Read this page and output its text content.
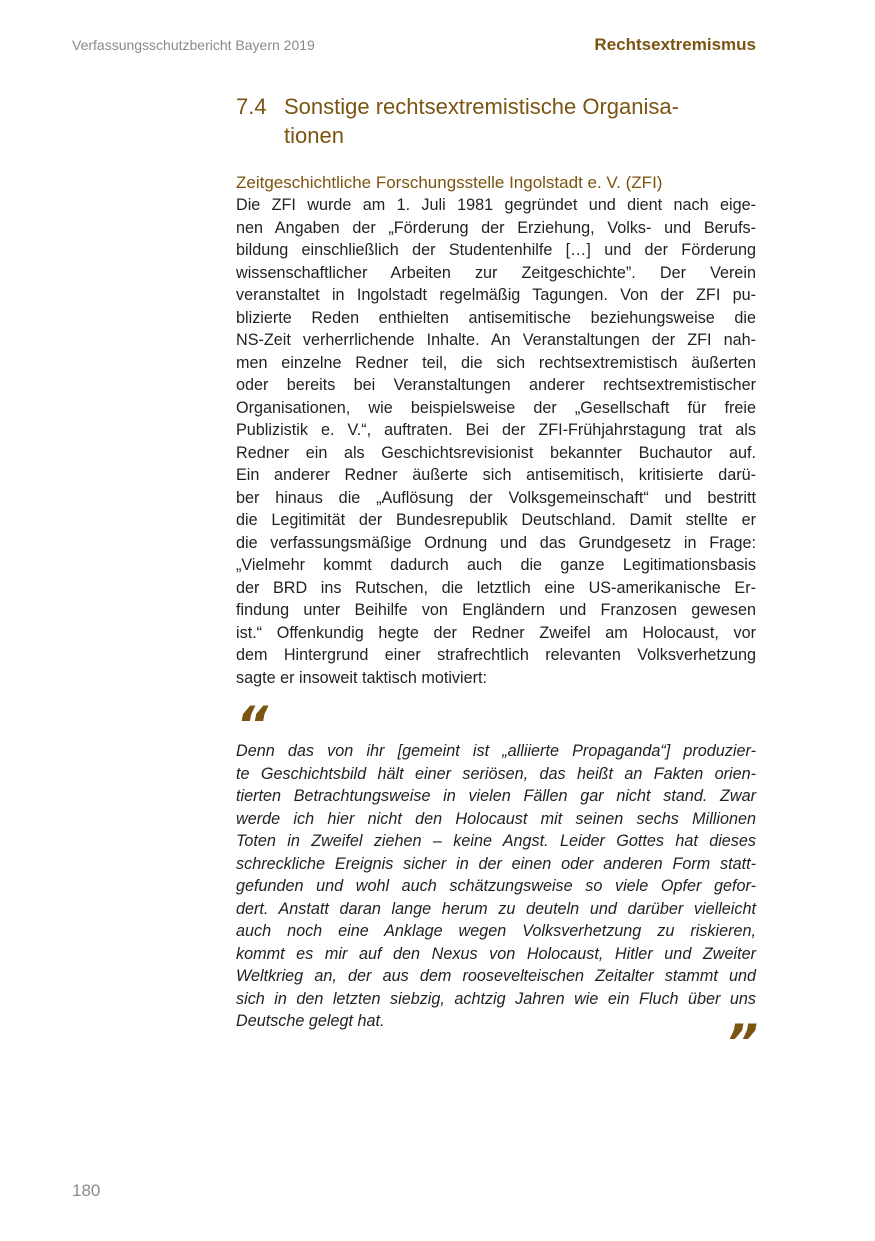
Verfassungsschutzbericht Bayern 2019	Rechtsextremismus
7.4 Sonstige rechtsextremistische Organisa-
tionen
Zeitgeschichtliche Forschungsstelle Ingolstadt e. V. (ZFI)
Die ZFI wurde am 1. Juli 1981 gegründet und dient nach eige-
nen Angaben der „Förderung der Erziehung, Volks- und Berufs-
bildung einschließlich der Studentenhilfe […] und der Förderung
wissenschaftlicher Arbeiten zur Zeitgeschichte”. Der Verein
veranstaltet in Ingolstadt regelmäßig Tagungen. Von der ZFI pu-
blizierte Reden enthielten antisemitische beziehungsweise die
NS-Zeit verherrlichende Inhalte. An Veranstaltungen der ZFI nah-
men einzelne Redner teil, die sich rechtsextremistisch äußerten
oder bereits bei Veranstaltungen anderer rechtsextremistischer
Organisationen, wie beispielsweise der „Gesellschaft für freie
Publizistik e. V.“, auftraten. Bei der ZFI-Frühjahrstagung trat als
Redner ein als Geschichtsrevisionist bekannter Buchautor auf.
Ein anderer Redner äußerte sich antisemitisch, kritisierte darü-
ber hinaus die „Auflösung der Volksgemeinschaft“ und bestritt
die Legitimität der Bundesrepublik Deutschland. Damit stellte er
die verfassungsmäßige Ordnung und das Grundgesetz in Frage:
„Vielmehr kommt dadurch auch die ganze Legitimationsbasis
der BRD ins Rutschen, die letztlich eine US-amerikanische Er-
findung unter Beihilfe von Engländern und Franzosen gewesen
ist.“ Offenkundig hegte der Redner Zweifel am Holocaust, vor
dem Hintergrund einer strafrechtlich relevanten Volksverhetzung
sagte er insoweit taktisch motiviert:
“
Denn das von ihr [gemeint ist „alliierte Propaganda“] produzier-
te Geschichtsbild hält einer seriösen, das heißt an Fakten orien-
tierten Betrachtungsweise in vielen Fällen gar nicht stand. Zwar
werde ich hier nicht den Holocaust mit seinen sechs Millionen
Toten in Zweifel ziehen – keine Angst. Leider Gottes hat dieses
schreckliche Ereignis sicher in der einen oder anderen Form statt-
gefunden und wohl auch schätzungsweise so viele Opfer gefor-
dert. Anstatt daran lange herum zu deuteln und darüber vielleicht
auch noch eine Anklage wegen Volksverhetzung zu riskieren,
kommt es mir auf den Nexus von Holocaust, Hitler und Zweiter
Weltkrieg an, der aus dem roosevelteischen Zeitalter stammt und
sich in den letzten siebzig, achtzig Jahren wie ein Fluch über uns
Deutsche gelegt hat.	”
180
